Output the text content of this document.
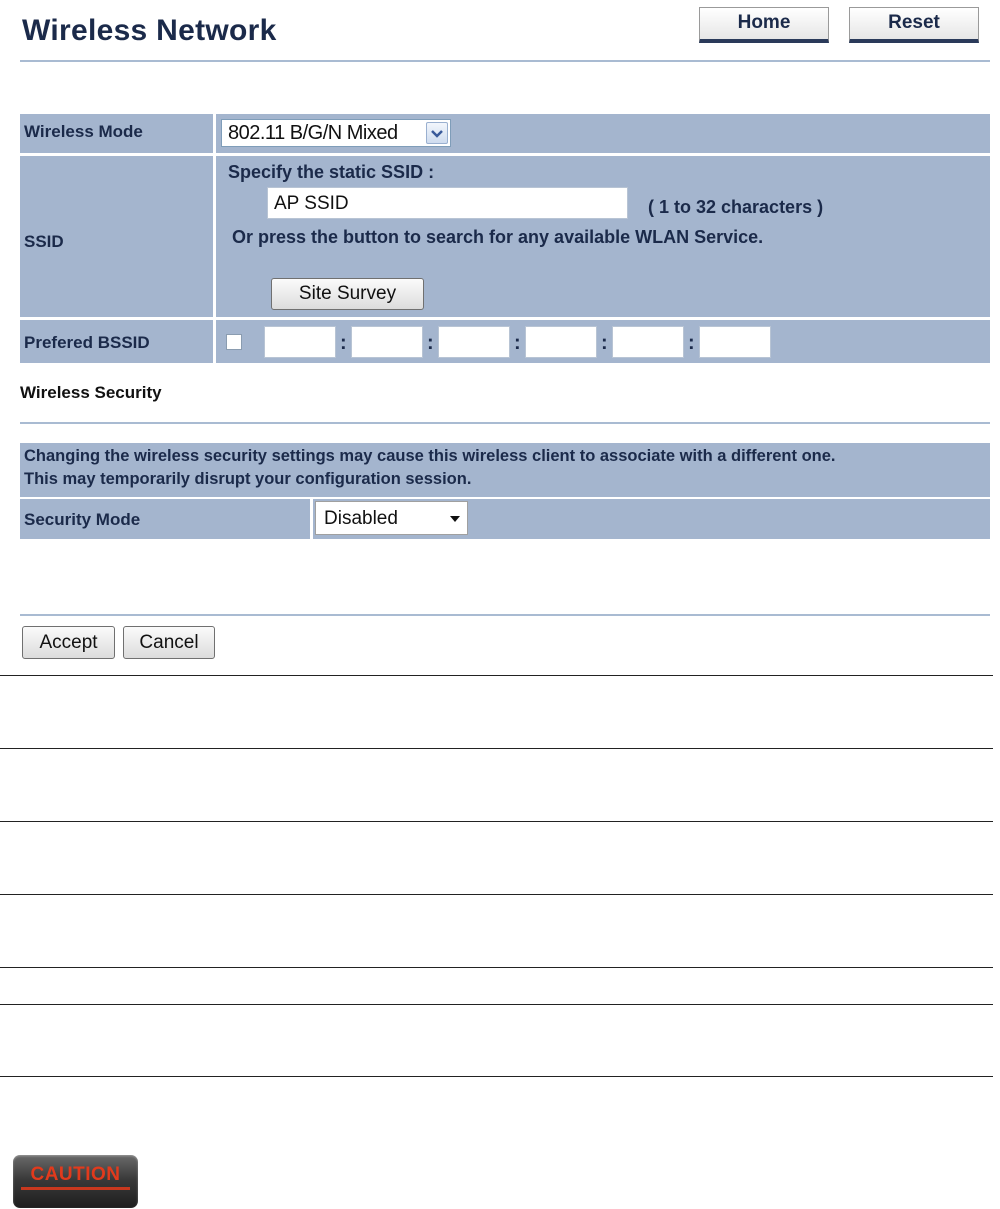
Wireless Network	Home	Reset
Wireless Mode	802.11 B/G/N Mixed
SSID
Specify the static SSID :
AP SSID	( 1 to 32 characters )
Or press the button to search for any available WLAN Service.
Site Survey
Prefered BSSID	:	:	:	:	:
Wireless Security
Changing the wireless security settings may cause this wireless client to associate with a different one.
This may temporarily disrupt your configuration session.
Security Mode	Disabled
Accept	Cancel
CAUTION
